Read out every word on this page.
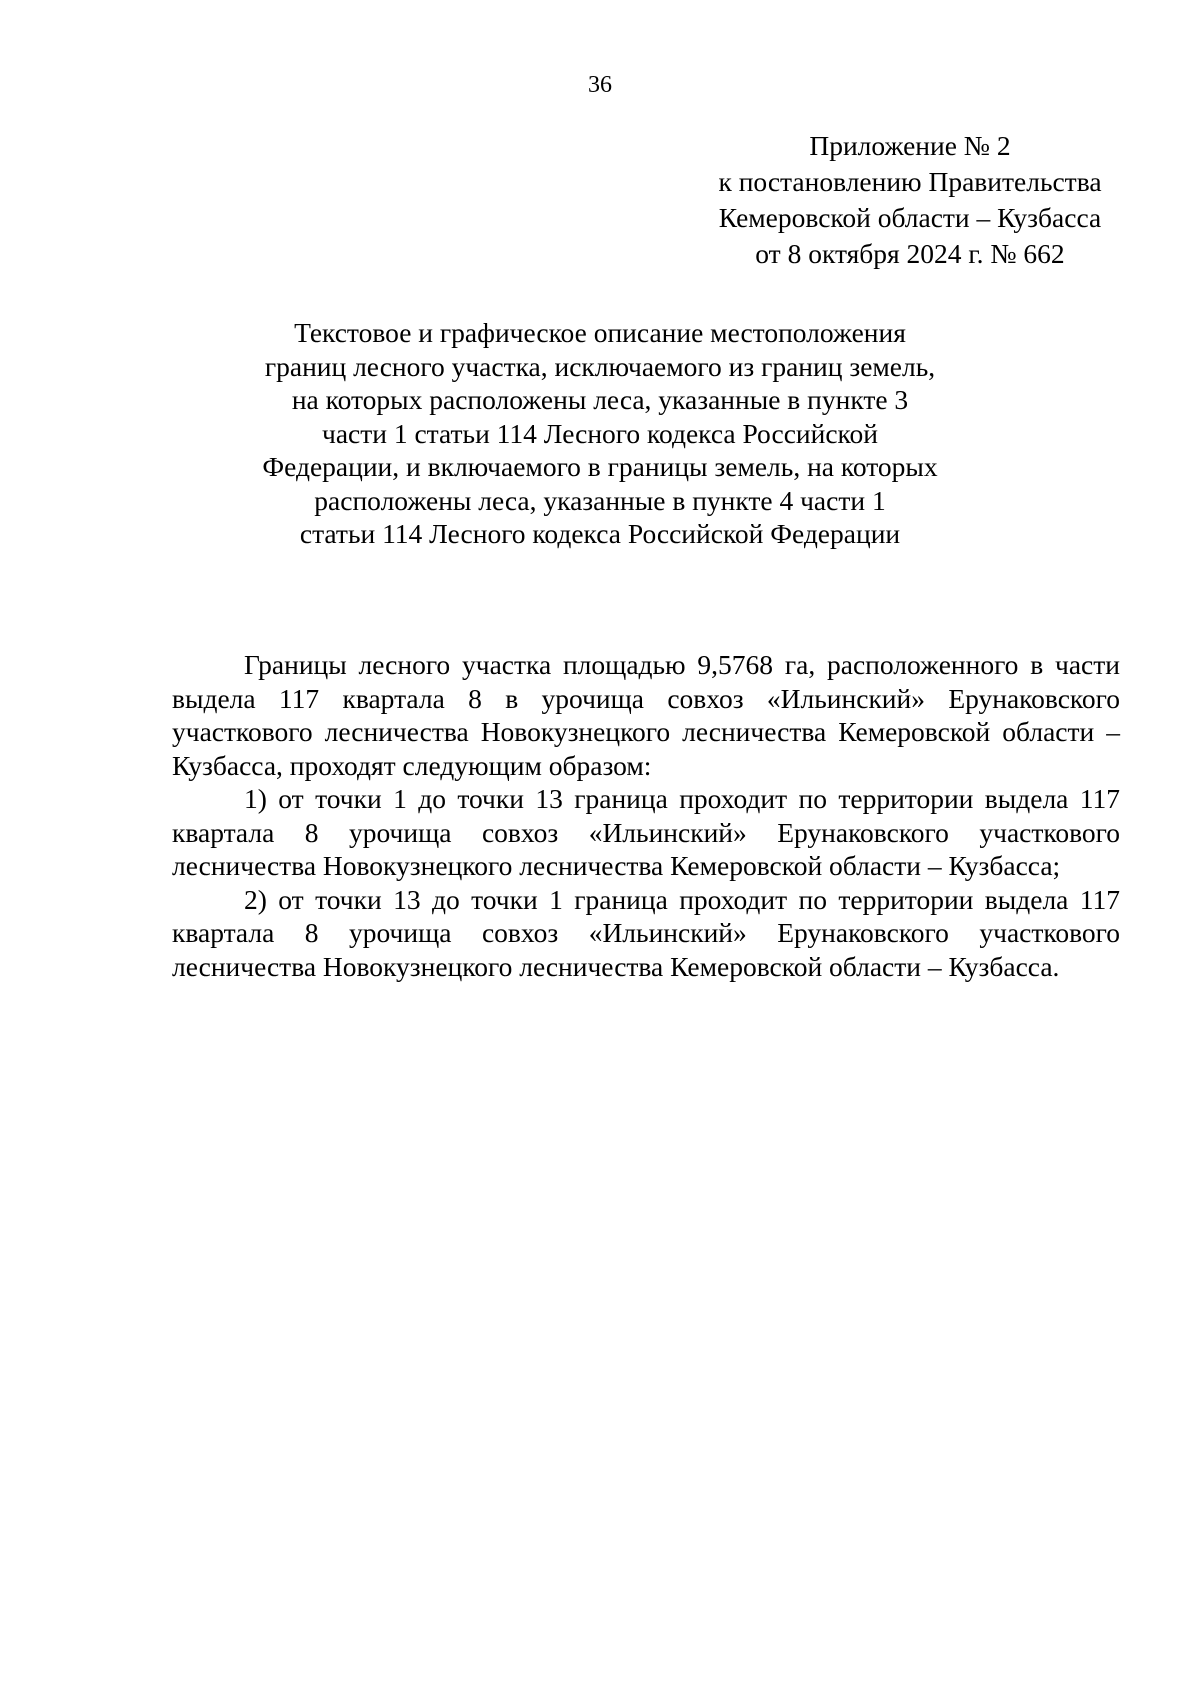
36
Приложение № 2
к постановлению Правительства
Кемеровской области – Кузбасса
от 8 октября 2024 г. № 662
Текстовое и графическое описание местоположения
границ лесного участка, исключаемого из границ земель,
на которых расположены леса, указанные в пункте 3
части 1 статьи 114 Лесного кодекса Российской
Федерации, и включаемого в границы земель, на которых
расположены леса, указанные в пункте 4 части 1
статьи 114 Лесного кодекса Российской Федерации

Границы лесного участка площадью 9,5768 га, расположенного в части выдела 117 квартала 8 в урочища совхоз «Ильинский» Ерунаковского участкового лесничества Новокузнецкого лесничества Кемеровской области – Кузбасса, проходят следующим образом:

1) от точки 1 до точки 13 граница проходит по территории выдела 117 квартала 8 урочища совхоз «Ильинский» Ерунаковского участкового лесничества Новокузнецкого лесничества Кемеровской области – Кузбасса;

2) от точки 13 до точки 1 граница проходит по территории выдела 117 квартала 8 урочища совхоз «Ильинский» Ерунаковского участкового лесничества Новокузнецкого лесничества Кемеровской области – Кузбасса.
